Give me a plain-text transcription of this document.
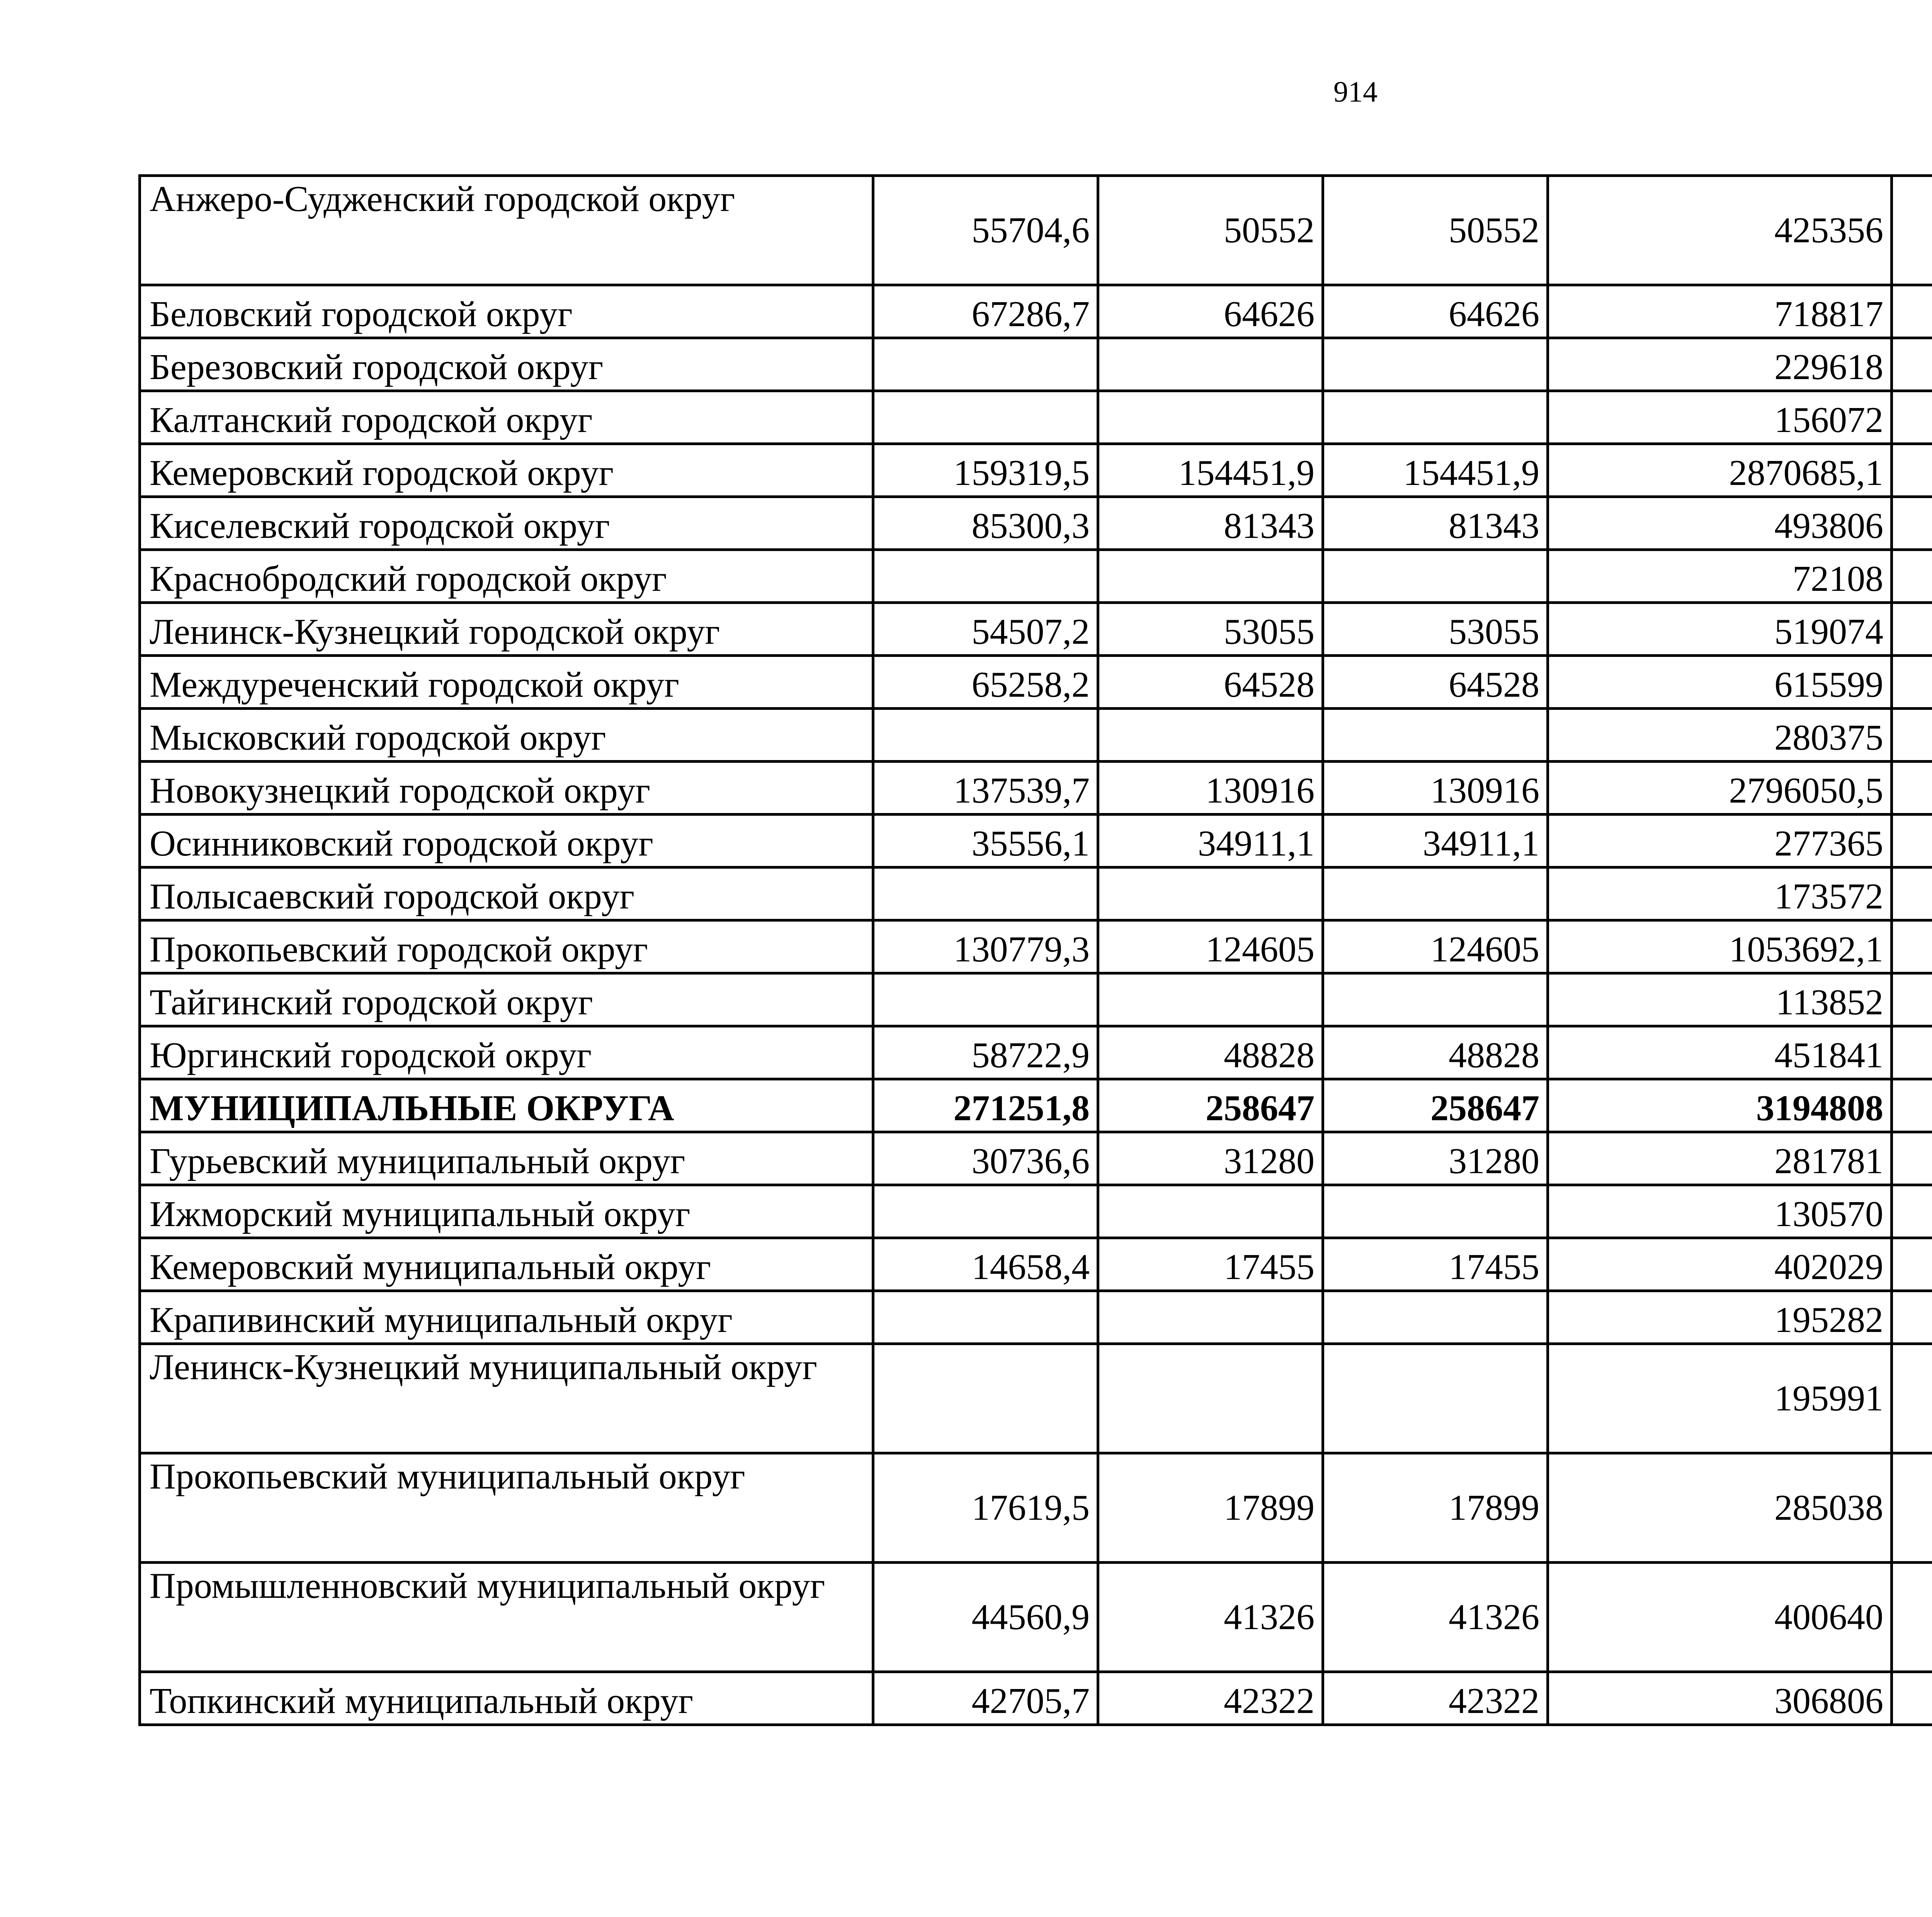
914
Анжеро-Судженский городской округ	55704,6	50552	50552	425356		
Беловский городской округ	67286,7	64626	64626	718817		
Березовский городской округ				229618		
Калтанский городской округ				156072		
Кемеровский городской округ	159319,5	154451,9	154451,9	2870685,1		
Киселевский городской округ	85300,3	81343	81343	493806		
Краснобродский городской округ				72108		
Ленинск-Кузнецкий городской округ	54507,2	53055	53055	519074		
Междуреченский городской округ	65258,2	64528	64528	615599		
Мысковский городской округ				280375		
Новокузнецкий городской округ	137539,7	130916	130916	2796050,5		
Осинниковский городской округ	35556,1	34911,1	34911,1	277365		
Полысаевский городской округ				173572		
Прокопьевский городской округ	130779,3	124605	124605	1053692,1		
Тайгинский городской округ				113852		
Юргинский городской округ	58722,9	48828	48828	451841		
МУНИЦИПАЛЬНЫЕ ОКРУГА	271251,8	258647	258647	3194808		
Гурьевский муниципальный округ	30736,6	31280	31280	281781		
Ижморский муниципальный округ				130570		
Кемеровский муниципальный округ	14658,4	17455	17455	402029		
Крапивинский муниципальный округ				195282		
Ленинск-Кузнецкий муниципальный округ				195991		
Прокопьевский муниципальный округ	17619,5	17899	17899	285038		
Промышленновский муниципальный округ	44560,9	41326	41326	400640		
Топкинский муниципальный округ	42705,7	42322	42322	306806		
